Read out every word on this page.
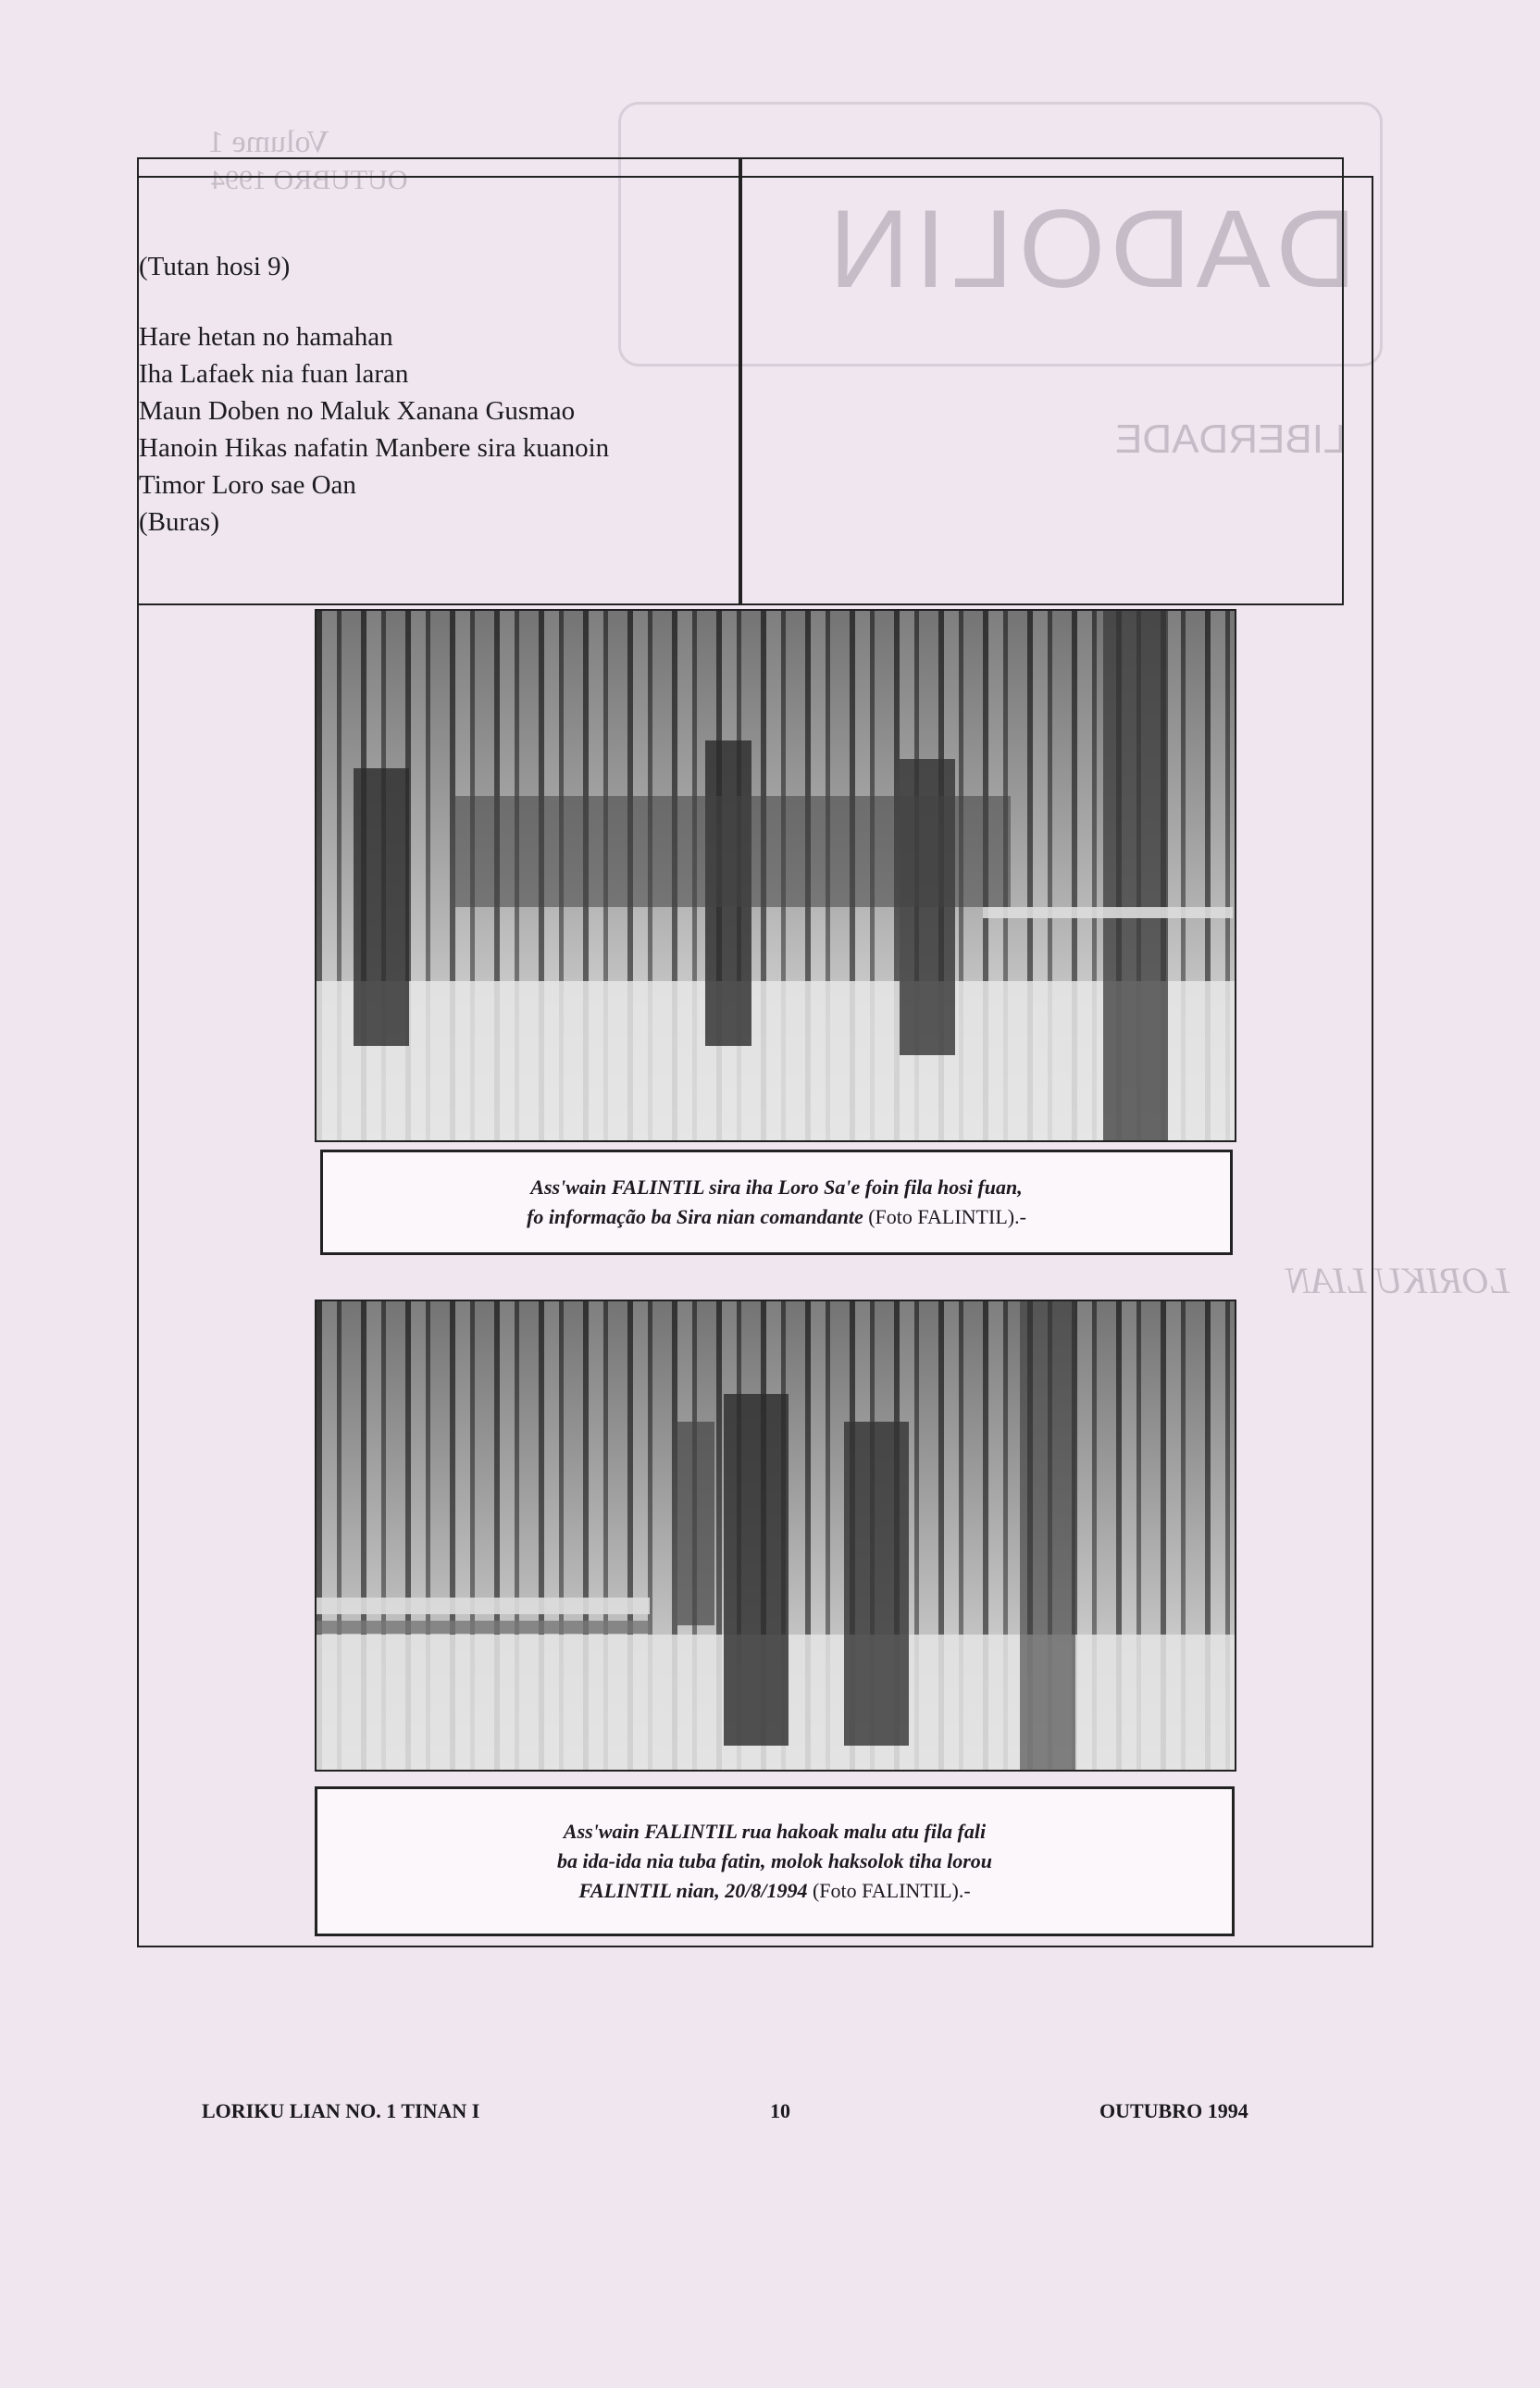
DADOLIN
Volume 1
OUTUBRO 1994
LIBERDADE
LORIKU LIAN
(Tutan hosi 9)
Hare hetan no hamahan
Iha Lafaek nia fuan laran
Maun Doben no Maluk Xanana Gusmao
Hanoin Hikas nafatin Manbere sira kuanoin
Timor Loro sae Oan
(Buras)
Ass'wain FALINTIL sira iha Loro Sa'e foin fila hosi fuan,
fo informação ba Sira nian comandante (Foto FALINTIL).-
Ass'wain FALINTIL rua hakoak malu atu fila fali
ba ida-ida nia tuba fatin, molok haksolok tiha lorou
FALINTIL nian, 20/8/1994 (Foto FALINTIL).-
LORIKU LIAN NO. 1 TINAN I	10	OUTUBRO 1994
